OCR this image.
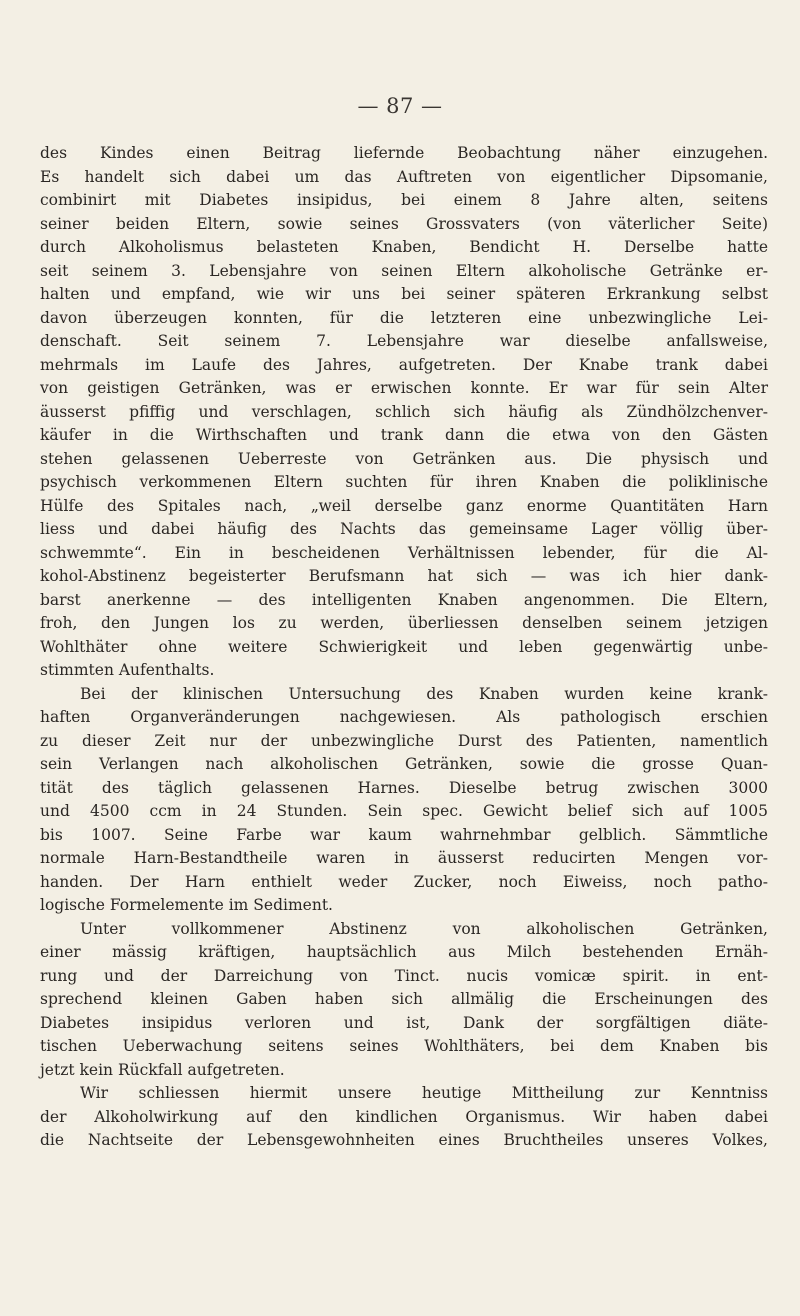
— 87 —
des Kindes einen Beitrag liefernde Beobachtung näher einzugehen.
Es handelt sich dabei um das Auftreten von eigentlicher Dipsomanie,
combinirt mit Diabetes insipidus, bei einem 8 Jahre alten, seitens
seiner beiden Eltern, sowie seines Grossvaters (von väterlicher Seite)
durch Alkoholismus belasteten Knaben, Bendicht H. Derselbe hatte
seit seinem 3. Lebensjahre von seinen Eltern alkoholische Getränke er-
halten und empfand, wie wir uns bei seiner späteren Erkrankung selbst
davon überzeugen konnten, für die letzteren eine unbezwingliche Lei-
denschaft. Seit seinem 7. Lebensjahre war dieselbe anfallsweise,
mehrmals im Laufe des Jahres, aufgetreten. Der Knabe trank dabei
von geistigen Getränken, was er erwischen konnte. Er war für sein Alter
äusserst pfiffig und verschlagen, schlich sich häufig als Zündhölzchenver-
käufer in die Wirthschaften und trank dann die etwa von den Gästen
stehen gelassenen Ueberreste von Getränken aus. Die physisch und
psychisch verkommenen Eltern suchten für ihren Knaben die poliklinische
Hülfe des Spitales nach, „weil derselbe ganz enorme Quantitäten Harn
liess und dabei häufig des Nachts das gemeinsame Lager völlig über-
schwemmte“. Ein in bescheidenen Verhältnissen lebender, für die Al-
kohol-Abstinenz begeisterter Berufsmann hat sich — was ich hier dank-
barst anerkenne — des intelligenten Knaben angenommen. Die Eltern,
froh, den Jungen los zu werden, überliessen denselben seinem jetzigen
Wohlthäter ohne weitere Schwierigkeit und leben gegenwärtig unbe-
stimmten Aufenthalts.
Bei der klinischen Untersuchung des Knaben wurden keine krank-
haften Organveränderungen nachgewiesen. Als pathologisch erschien
zu dieser Zeit nur der unbezwingliche Durst des Patienten, namentlich
sein Verlangen nach alkoholischen Getränken, sowie die grosse Quan-
tität des täglich gelassenen Harnes. Dieselbe betrug zwischen 3000
und 4500 ccm in 24 Stunden. Sein spec. Gewicht belief sich auf 1005
bis 1007. Seine Farbe war kaum wahrnehmbar gelblich. Sämmtliche
normale Harn-Bestandtheile waren in äusserst reducirten Mengen vor-
handen. Der Harn enthielt weder Zucker, noch Eiweiss, noch patho-
logische Formelemente im Sediment.
Unter vollkommener Abstinenz von alkoholischen Getränken,
einer mässig kräftigen, hauptsächlich aus Milch bestehenden Ernäh-
rung und der Darreichung von Tinct. nucis vomicæ spirit. in ent-
sprechend kleinen Gaben haben sich allmälig die Erscheinungen des
Diabetes insipidus verloren und ist, Dank der sorgfältigen diäte-
tischen Ueberwachung seitens seines Wohlthäters, bei dem Knaben bis
jetzt kein Rückfall aufgetreten.
Wir schliessen hiermit unsere heutige Mittheilung zur Kenntniss
der Alkoholwirkung auf den kindlichen Organismus. Wir haben dabei
die Nachtseite der Lebensgewohnheiten eines Bruchtheiles unseres Volkes,
